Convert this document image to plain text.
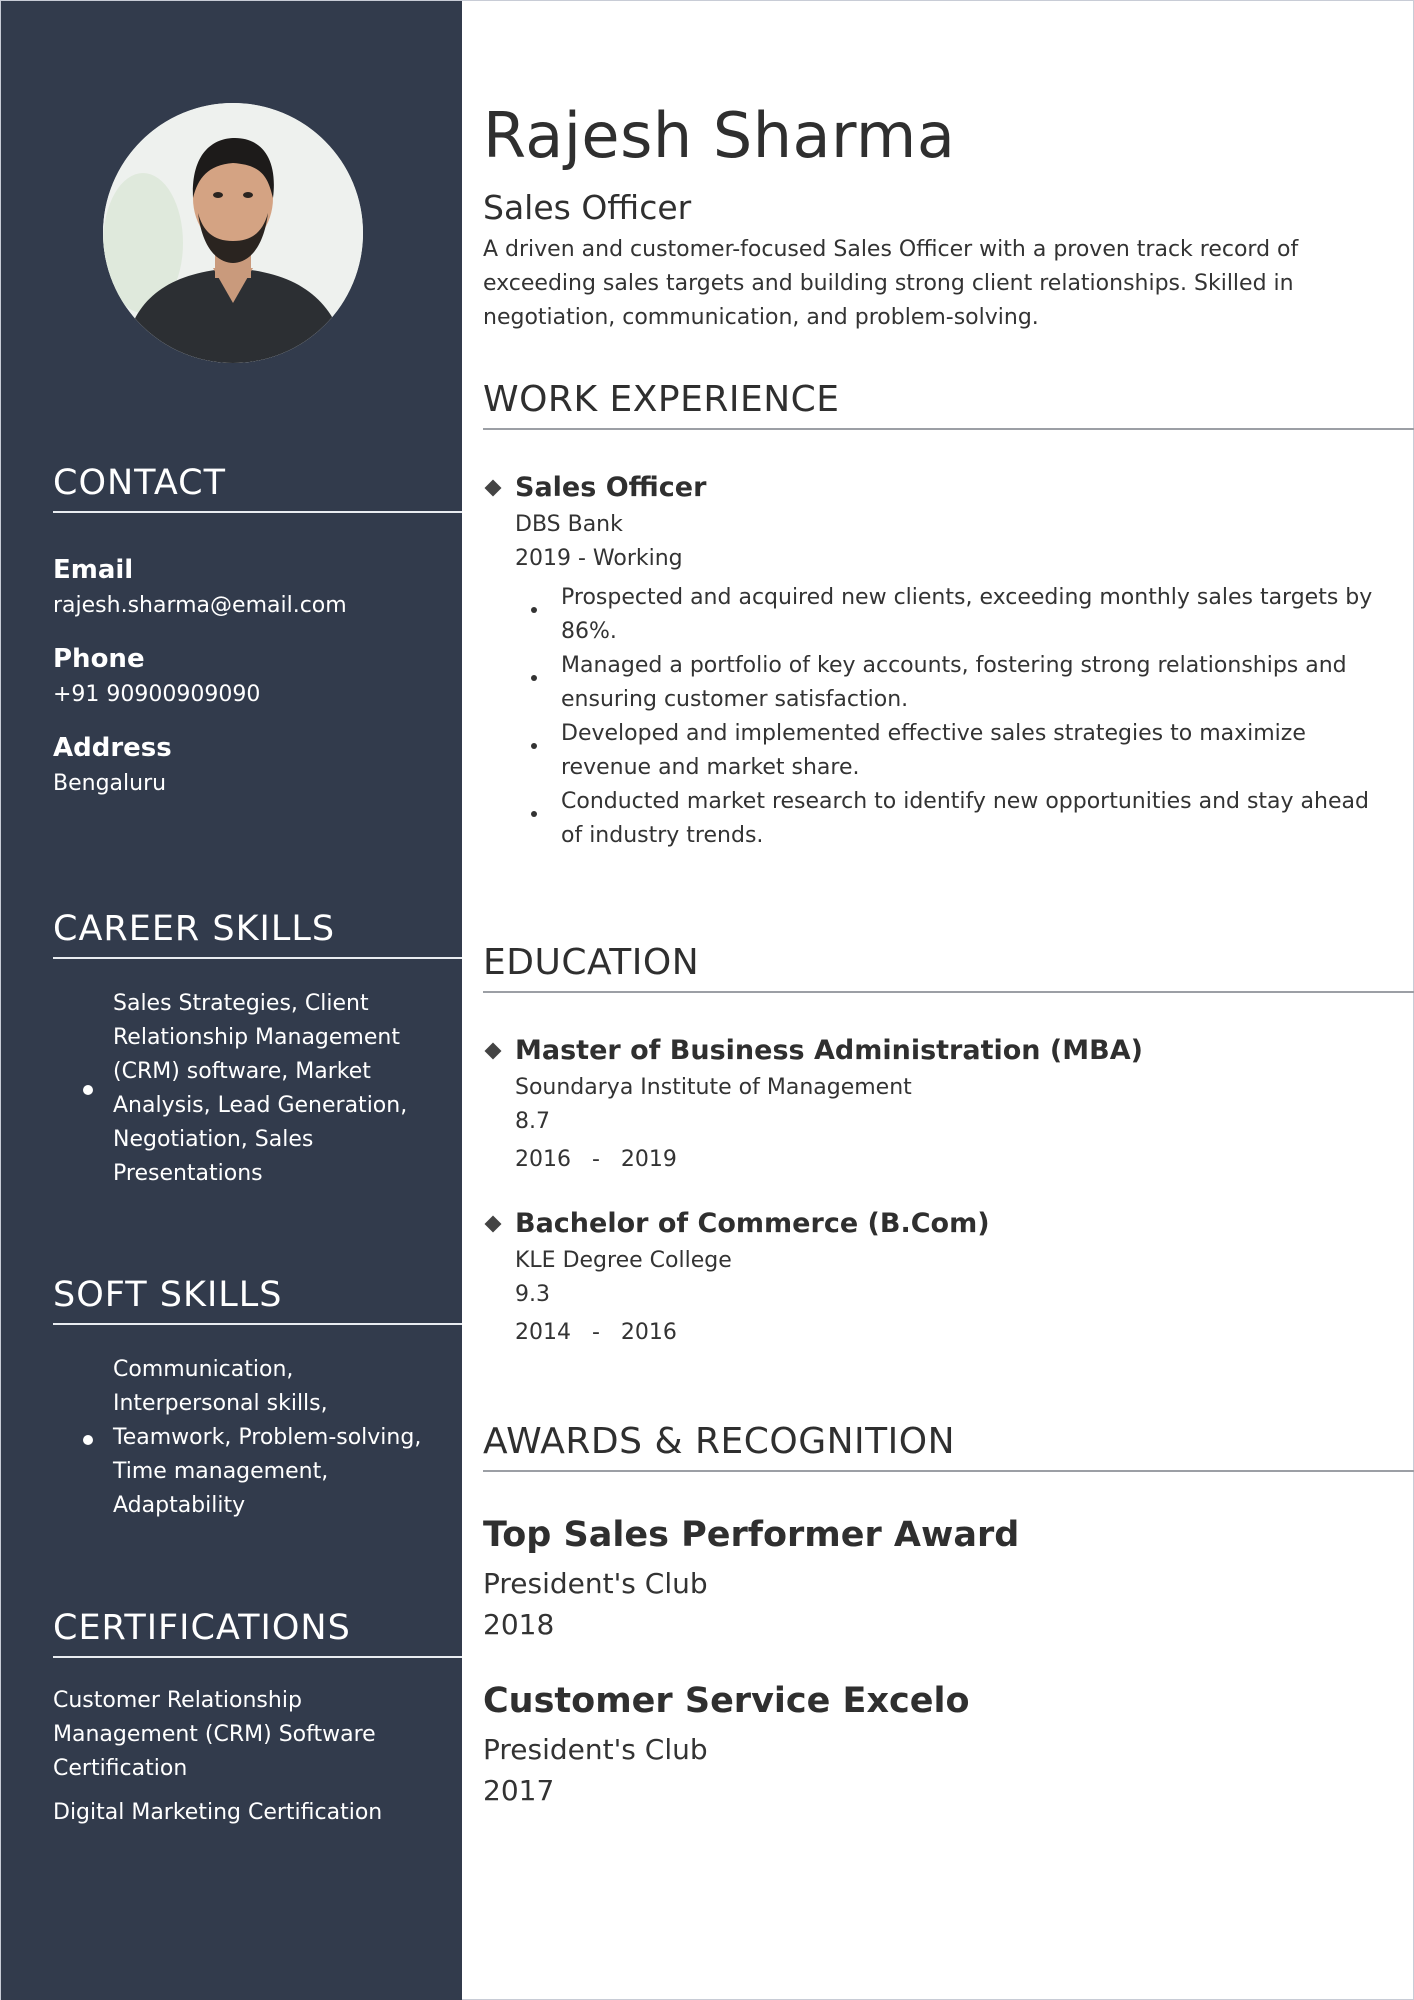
CONTACT
Email
rajesh.sharma@email.com
Phone
+91 90900909090
Address
Bengaluru
CAREER SKILLS
Sales Strategies, Client Relationship Management (CRM) software, Market Analysis, Lead Generation, Negotiation, Sales Presentations
SOFT SKILLS
Communication, Interpersonal skills, Teamwork, Problem-solving, Time management, Adaptability
CERTIFICATIONS
Customer Relationship Management (CRM) Software Certification
Digital Marketing Certification
Rajesh Sharma
Sales Officer

A driven and customer-focused Sales Officer with a proven track record of exceeding sales targets and building strong client relationships. Skilled in negotiation, communication, and problem-solving.

WORK EXPERIENCE
Sales Officer
DBS Bank
2019 - Working
Prospected and acquired new clients, exceeding monthly sales targets by 86%.
Managed a portfolio of key accounts, fostering strong relationships and ensuring customer satisfaction.
Developed and implemented effective sales strategies to maximize revenue and market share.
Conducted market research to identify new opportunities and stay ahead of industry trends.
EDUCATION
Master of Business Administration (MBA)
Soundarya Institute of Management
8.7
2016   -   2019
Bachelor of Commerce (B.Com)
KLE Degree College
9.3
2014   -   2016
AWARDS & RECOGNITION
Top Sales Performer Award
President's Club
2018
Customer Service Excelo
President's Club
2017
